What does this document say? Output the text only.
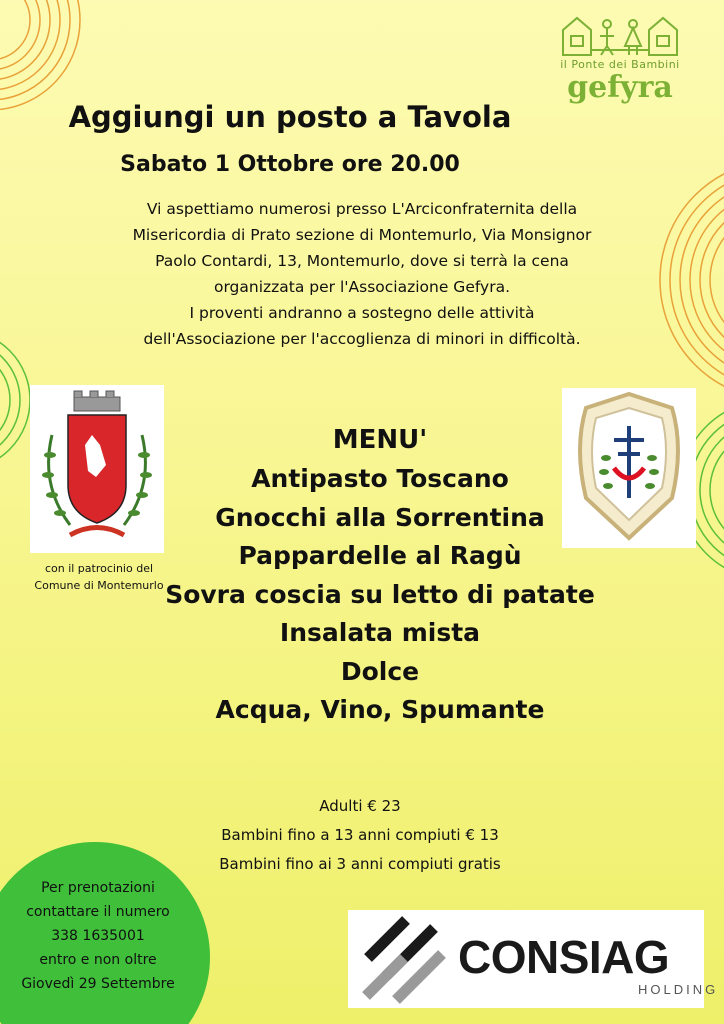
il Ponte dei Bambini
gefyra
Aggiungi un posto a Tavola
Sabato 1 Ottobre ore 20.00

Vi aspettiamo numerosi presso L'Arciconfraternita della

Misericordia di Prato sezione di Montemurlo, Via Monsignor

Paolo Contardi, 13, Montemurlo, dove si terrà la cena

organizzata per l'Associazione Gefyra.

I proventi andranno a sostegno delle attività

dell'Associazione per l'accoglienza di minori in difficoltà.

con il patrocinio del
Comune di Montemurlo
MENU'
Antipasto Toscano
Gnocchi alla Sorrentina
Pappardelle al Ragù
Sovra coscia su letto di patate
Insalata mista
Dolce
Acqua, Vino, Spumante
Adulti € 23
Bambini fino a 13 anni compiuti € 13
Bambini fino ai 3 anni compiuti gratis
Per prenotazioni
contattare il numero
338 1635001
entro e non oltre
Giovedì 29 Settembre
CONSIAG
HOLDING
